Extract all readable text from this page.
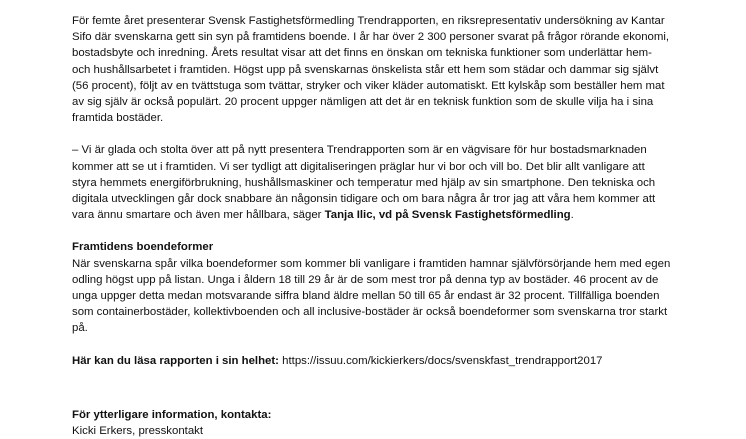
För femte året presenterar Svensk Fastighetsförmedling Trendrapporten, en riksrepresentativ undersökning av Kantar Sifo där svenskarna gett sin syn på framtidens boende. I år har över 2 300 personer svarat på frågor rörande ekonomi, bostadsbyte och inredning. Årets resultat visar att det finns en önskan om tekniska funktioner som underlättar hem- och hushållsarbetet i framtiden. Högst upp på svenskarnas önskelista står ett hem som städar och dammar sig självt (56 procent), följt av en tvättstuga som tvättar, stryker och viker kläder automatiskt. Ett kylskåp som beställer hem mat av sig själv är också populärt. 20 procent uppger nämligen att det är en teknisk funktion som de skulle vilja ha i sina framtida bostäder.

– Vi är glada och stolta över att på nytt presentera Trendrapporten som är en vägvisare för hur bostadsmarknaden kommer att se ut i framtiden. Vi ser tydligt att digitaliseringen präglar hur vi bor och vill bo. Det blir allt vanligare att styra hemmets energiförbrukning, hushållsmaskiner och temperatur med hjälp av sin smartphone. Den tekniska och digitala utvecklingen går dock snabbare än någonsin tidigare och om bara några år tror jag att våra hem kommer att vara ännu smartare och även mer hållbara, säger Tanja Ilic, vd på Svensk Fastighetsförmedling.

Framtidens boendeformer
När svenskarna spår vilka boendeformer som kommer bli vanligare i framtiden hamnar självförsörjande hem med egen odling högst upp på listan. Unga i åldern 18 till 29 år är de som mest tror på denna typ av bostäder. 46 procent av de unga uppger detta medan motsvarande siffra bland äldre mellan 50 till 65 år endast är 32 procent. Tillfälliga boenden som containerbostäder, kollektivboenden och all inclusive-bostäder är också boendeformer som svenskarna tror starkt på.

Här kan du läsa rapporten i sin helhet: https://issuu.com/kickierkers/docs/svenskfast_trendrapport2017

För ytterligare information, kontakta:
Kicki Erkers, presskontakt
